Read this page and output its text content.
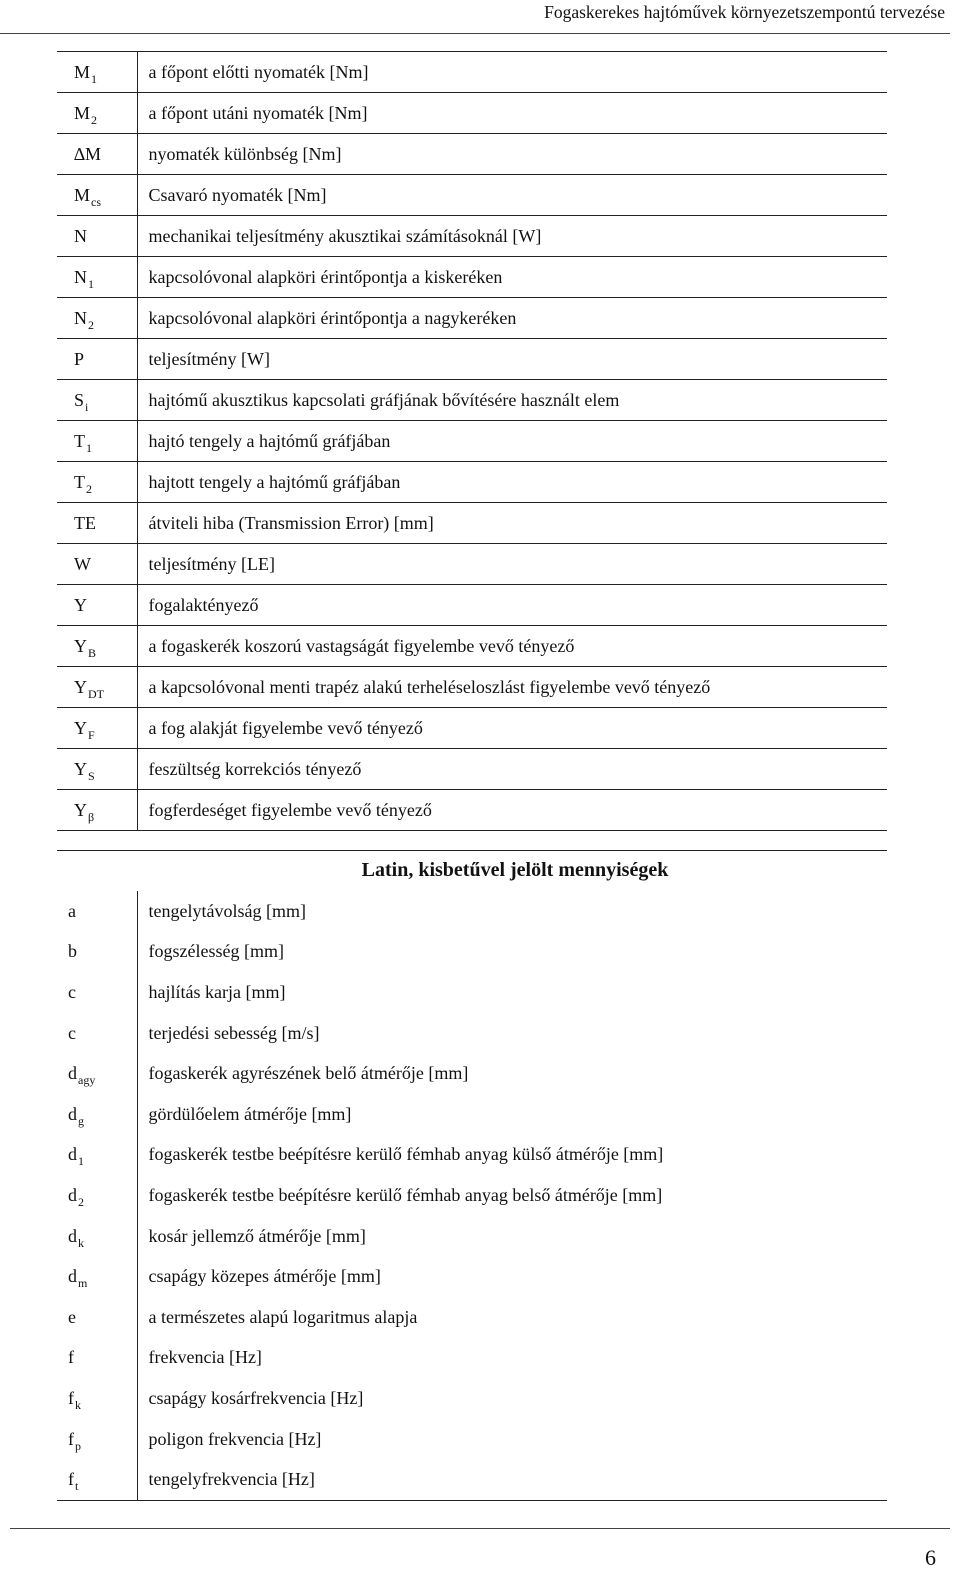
Fogaskerekes hajtóművek környezetszempontú tervezése
$M_1$	a főpont előtti nyomaték [Nm]
$M_2$	a főpont utáni nyomaték [Nm]
∆M	nyomaték különbség [Nm]
$M_{cs}$	Csavaró nyomaték [Nm]
N	mechanikai teljesítmény akusztikai számításoknál [W]
$N_1$	kapcsolóvonal alapköri érintőpontja a kiskeréken
$N_2$	kapcsolóvonal alapköri érintőpontja a nagykeréken
P	teljesítmény [W]
$S_i$	hajtómű akusztikus kapcsolati gráfjának bővítésére használt elem
$T_1$	hajtó tengely a hajtómű gráfjában
$T_2$	hajtott tengely a hajtómű gráfjában
TE	átviteli hiba (Transmission Error) [mm]
W	teljesítmény [LE]
Y	fogalaktényező
$Y_B$	a fogaskerék koszorú vastagságát figyelembe vevő tényező
$Y_{DT}$	a kapcsolóvonal menti trapéz alakú terheléseloszlást figyelembe vevő tényező
$Y_F$	a fog alakját figyelembe vevő tényező
$Y_S$	feszültség korrekciós tényező
$Y_\beta$	fogferdeséget figyelembe vevő tényező
Latin, kisbetűvel jelölt mennyiségek
a	tengelytávolság [mm]
b	fogszélesség [mm]
c	hajlítás karja [mm]
c	terjedési sebesség [m/s]
$d_{agy}$	fogaskerék agyrészének belő átmérője [mm]
$d_g$	gördülőelem átmérője [mm]
$d_1$	fogaskerék testbe beépítésre kerülő fémhab anyag külső átmérője [mm]
$d_2$	fogaskerék testbe beépítésre kerülő fémhab anyag belső átmérője [mm]
$d_k$	kosár jellemző átmérője [mm]
$d_m$	csapágy közepes átmérője [mm]
e	a természetes alapú logaritmus alapja
f	frekvencia [Hz]
$f_k$	csapágy kosárfrekvencia [Hz]
$f_p$	poligon frekvencia [Hz]
$f_t$	tengelyfrekvencia [Hz]
6
